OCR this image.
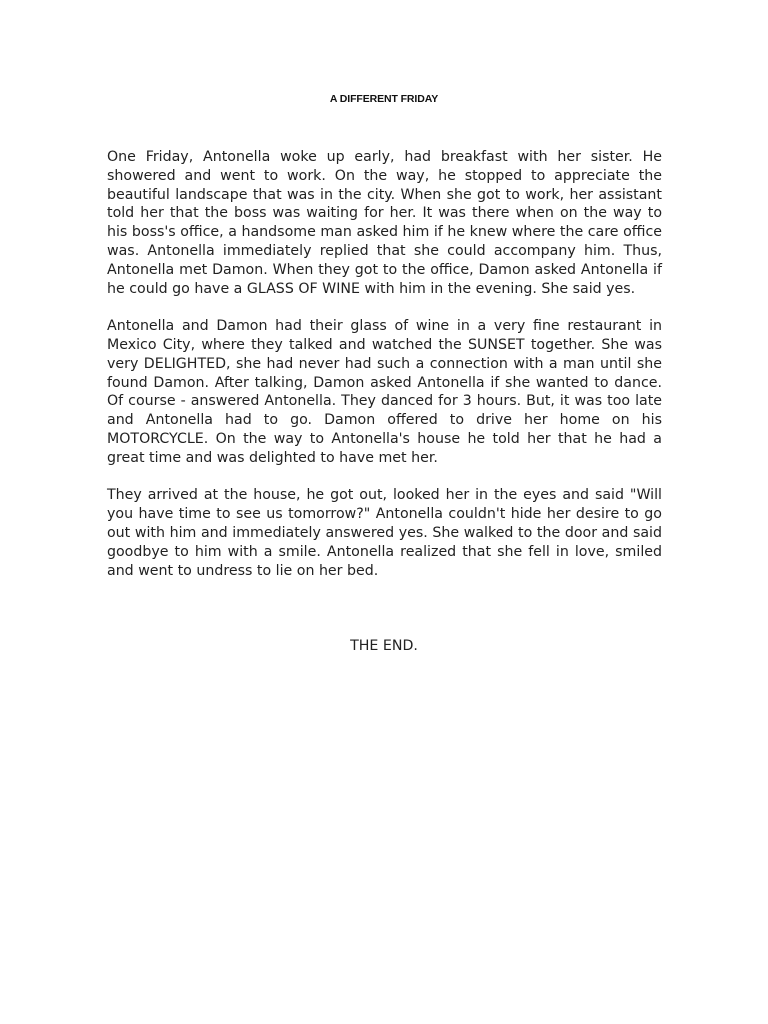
A DIFFERENT FRIDAY

One Friday, Antonella woke up early, had breakfast with her sister. He showered and went to work. On the way, he stopped to appreciate the beautiful landscape that was in the city. When she got to work, her assistant told her that the boss was waiting for her. It was there when on the way to his boss's office, a handsome man asked him if he knew where the care office was. Antonella immediately replied that she could accompany him. Thus, Antonella met Damon. When they got to the office, Damon asked Antonella if he could go have a GLASS OF WINE with him in the evening. She said yes.

Antonella and Damon had their glass of wine in a very fine restaurant in Mexico City, where they talked and watched the SUNSET together. She was very DELIGHTED, she had never had such a connection with a man until she found Damon. After talking, Damon asked Antonella if she wanted to dance. Of course - answered Antonella. They danced for 3 hours. But, it was too late and Antonella had to go. Damon offered to drive her home on his MOTORCYCLE. On the way to Antonella's house he told her that he had a great time and was delighted to have met her.

They arrived at the house, he got out, looked her in the eyes and said "Will you have time to see us tomorrow?" Antonella couldn't hide her desire to go out with him and immediately answered yes. She walked to the door and said goodbye to him with a smile. Antonella realized that she fell in love, smiled and went to undress to lie on her bed.

THE END.
